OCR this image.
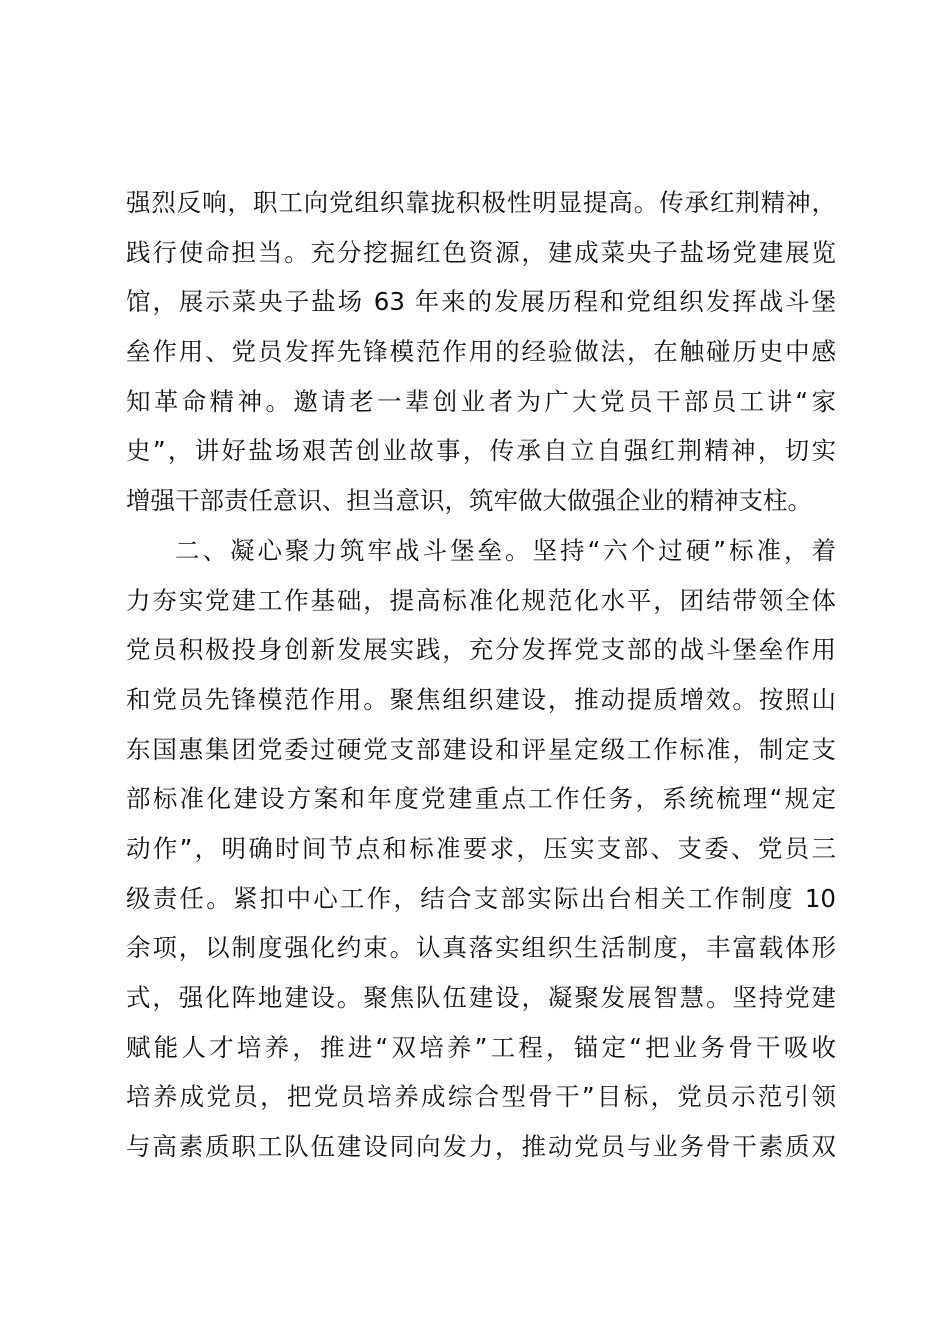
强烈反响，职工向党组织靠拢积极性明显提高。传承红荆精神，

践行使命担当。充分挖掘红色资源，建成菜央子盐场党建展览

馆，展示菜央子盐场 63 年来的发展历程和党组织发挥战斗堡

垒作用、党员发挥先锋模范作用的经验做法，在触碰历史中感

知革命精神。邀请老一辈创业者为广大党员干部员工讲“家

史”，讲好盐场艰苦创业故事，传承自立自强红荆精神，切实

增强干部责任意识、担当意识，筑牢做大做强企业的精神支柱。

二、凝心聚力筑牢战斗堡垒。坚持“六个过硬”标准，着

力夯实党建工作基础，提高标准化规范化水平，团结带领全体

党员积极投身创新发展实践，充分发挥党支部的战斗堡垒作用

和党员先锋模范作用。聚焦组织建设，推动提质增效。按照山

东国惠集团党委过硬党支部建设和评星定级工作标准，制定支

部标准化建设方案和年度党建重点工作任务，系统梳理“规定

动作”，明确时间节点和标准要求，压实支部、支委、党员三

级责任。紧扣中心工作，结合支部实际出台相关工作制度 10

余项，以制度强化约束。认真落实组织生活制度，丰富载体形

式，强化阵地建设。聚焦队伍建设，凝聚发展智慧。坚持党建

赋能人才培养，推进“双培养”工程，锚定“把业务骨干吸收

培养成党员，把党员培养成综合型骨干”目标，党员示范引领

与高素质职工队伍建设同向发力，推动党员与业务骨干素质双
